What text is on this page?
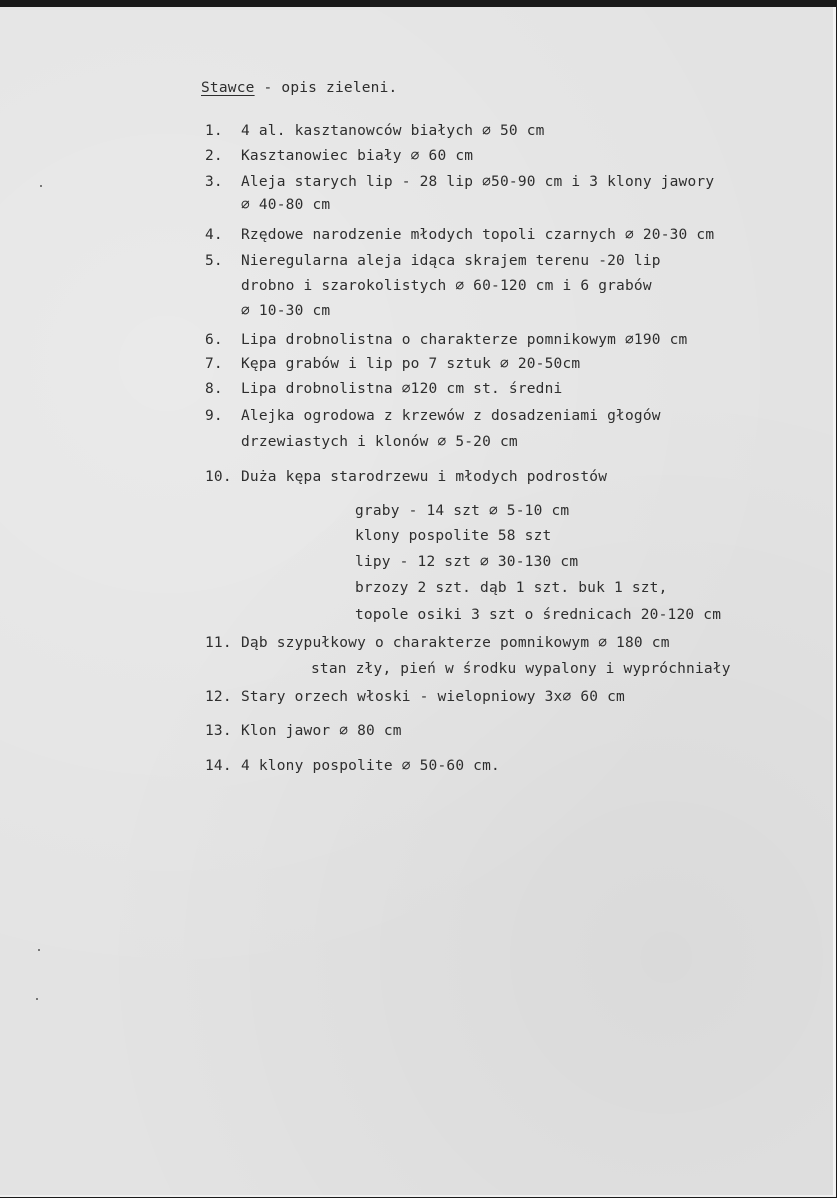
Stawce - opis zieleni.
1. 4 al. kasztanowców białych ∅ 50 cm
2. Kasztanowiec biały ∅ 60 cm
3. Aleja starych lip - 28 lip ∅50-90 cm i 3 klony jawory
∅ 40-80 cm
4. Rzędowe narodzenie młodych topoli czarnych ∅ 20-30 cm
5. Nieregularna aleja idąca skrajem terenu -20 lip
drobno i szarokolistych ∅ 60-120 cm i 6 grabów
∅ 10-30 cm
6. Lipa drobnolistna o charakterze pomnikowym ∅190 cm
7. Kępa grabów i lip po 7 sztuk ∅ 20-50cm
8. Lipa drobnolistna ∅120 cm st. średni
9. Alejka ogrodowa z krzewów z dosadzeniami głogów
drzewiastych i klonów ∅ 5-20 cm
10. Duża kępa starodrzewu i młodych podrostów
graby - 14 szt ∅ 5-10 cm
klony pospolite 58 szt
lipy - 12 szt ∅ 30-130 cm
brzozy 2 szt. dąb 1 szt. buk 1 szt,
topole osiki 3 szt o średnicach 20-120 cm
11. Dąb szypułkowy o charakterze pomnikowym ∅ 180 cm
stan zły, pień w środku wypalony i wypróchniały
12. Stary orzech włoski - wielopniowy 3x∅ 60 cm
13. Klon jawor ∅ 80 cm
14. 4 klony pospolite ∅ 50-60 cm.
